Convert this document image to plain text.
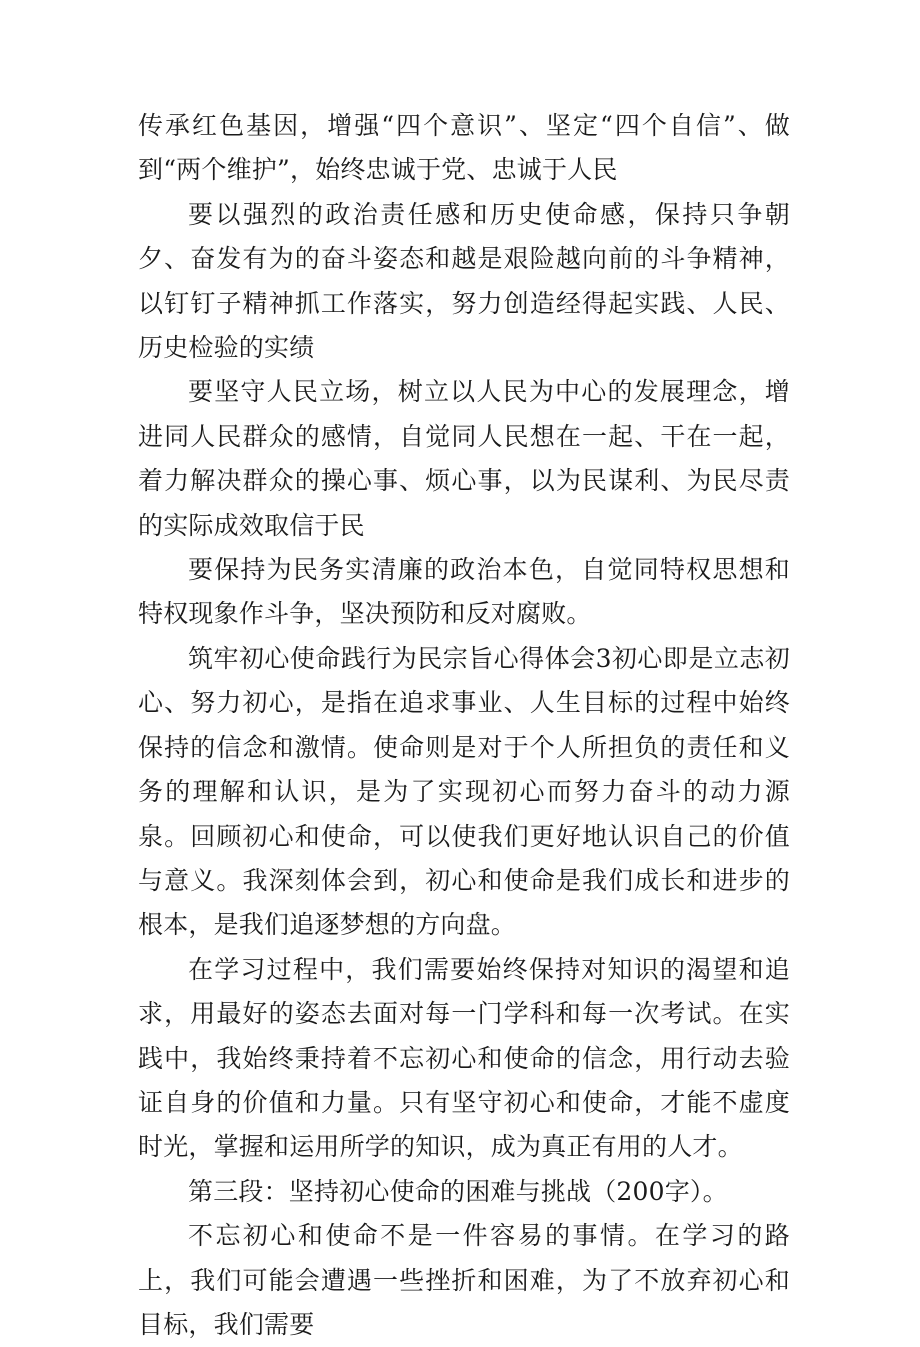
传承红色基因，增强“四个意识”、坚定“四个自信”、做到“两个维护”，始终忠诚于党、忠诚于人民

要以强烈的政治责任感和历史使命感，保持只争朝夕、奋发有为的奋斗姿态和越是艰险越向前的斗争精神，以钉钉子精神抓工作落实，努力创造经得起实践、人民、历史检验的实绩

要坚守人民立场，树立以人民为中心的发展理念，增进同人民群众的感情，自觉同人民想在一起、干在一起，着力解决群众的操心事、烦心事，以为民谋利、为民尽责的实际成效取信于民

要保持为民务实清廉的政治本色，自觉同特权思想和特权现象作斗争，坚决预防和反对腐败。

筑牢初心使命践行为民宗旨心得体会3初心即是立志初心、努力初心，是指在追求事业、人生目标的过程中始终保持的信念和激情。使命则是对于个人所担负的责任和义务的理解和认识，是为了实现初心而努力奋斗的动力源泉。回顾初心和使命，可以使我们更好地认识自己的价值与意义。我深刻体会到，初心和使命是我们成长和进步的根本，是我们追逐梦想的方向盘。

在学习过程中，我们需要始终保持对知识的渴望和追求，用最好的姿态去面对每一门学科和每一次考试。在实践中，我始终秉持着不忘初心和使命的信念，用行动去验证自身的价值和力量。只有坚守初心和使命，才能不虚度时光，掌握和运用所学的知识，成为真正有用的人才。

第三段：坚持初心使命的困难与挑战（200字）。

不忘初心和使命不是一件容易的事情。在学习的路上，我们可能会遭遇一些挫折和困难，为了不放弃初心和目标，我们需要
